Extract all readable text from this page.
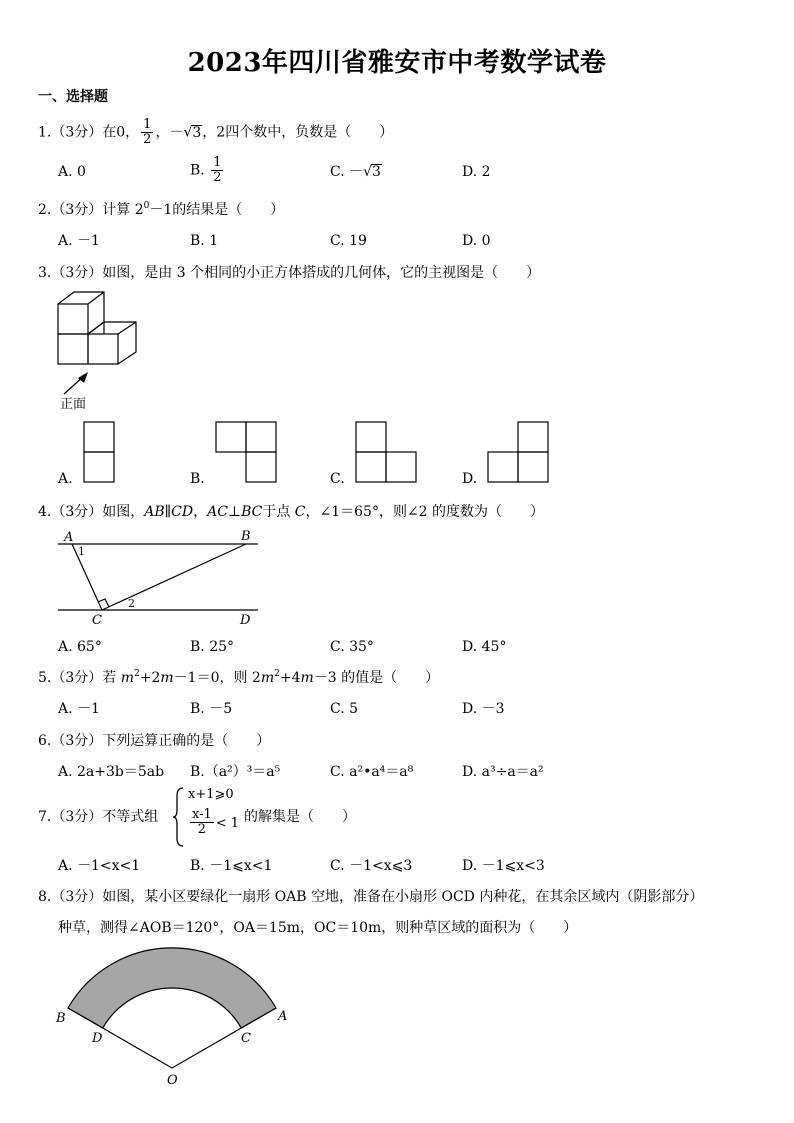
2023年四川省雅安市中考数学试卷
一、选择题
1.（3分）在0， $\frac{1}{2}$ ，－√3，2四个数中，负数是（　　）
A. 0	B. $\frac{1}{2}$	C. －√3	D. 2
2.（3分）计算 $2^0-1$的结果是（　　）
A. －1	B. 1	C. 19	D. 0
3.（3分）如图，是由 3 个相同的小正方体搭成的几何体，它的主视图是（　　）
正面
A.	B.	C.	D.
4.（3分）如图，AB∥CD，AC⊥BC于点 C，∠1＝65°，则∠2 的度数为（　　）
A	B
C	D
1
2
A. 65°	B. 25°	C. 35°	D. 45°
5.（3分）若 $m^2+2m-1=0$，则 $2m^2+4m-3$ 的值是（　　）
A. －1	B. －5	C. 5	D. －3
6.（3分）下列运算正确的是（　　）
A. 2a+3b＝5ab B.（a²）³＝a⁵	C. a²•a⁴＝a⁸	D. a³÷a＝a²
7.（3分）不等式组
x+1⩾0
$\frac{x-1}{2} < 1$ 的解集是（　　）
A. －1<x<1	B. －1⩽x<1	C. －1<x⩽3	D. －1⩽x<3
8.（3分）如图，某小区要绿化一扇形 OAB 空地，准备在小扇形 OCD 内种花，在其余区域内（阴影部分）
种草，测得∠AOB＝120°，OA＝15m，OC＝10m，则种草区域的面积为（　　）
B	A
D	C
O
